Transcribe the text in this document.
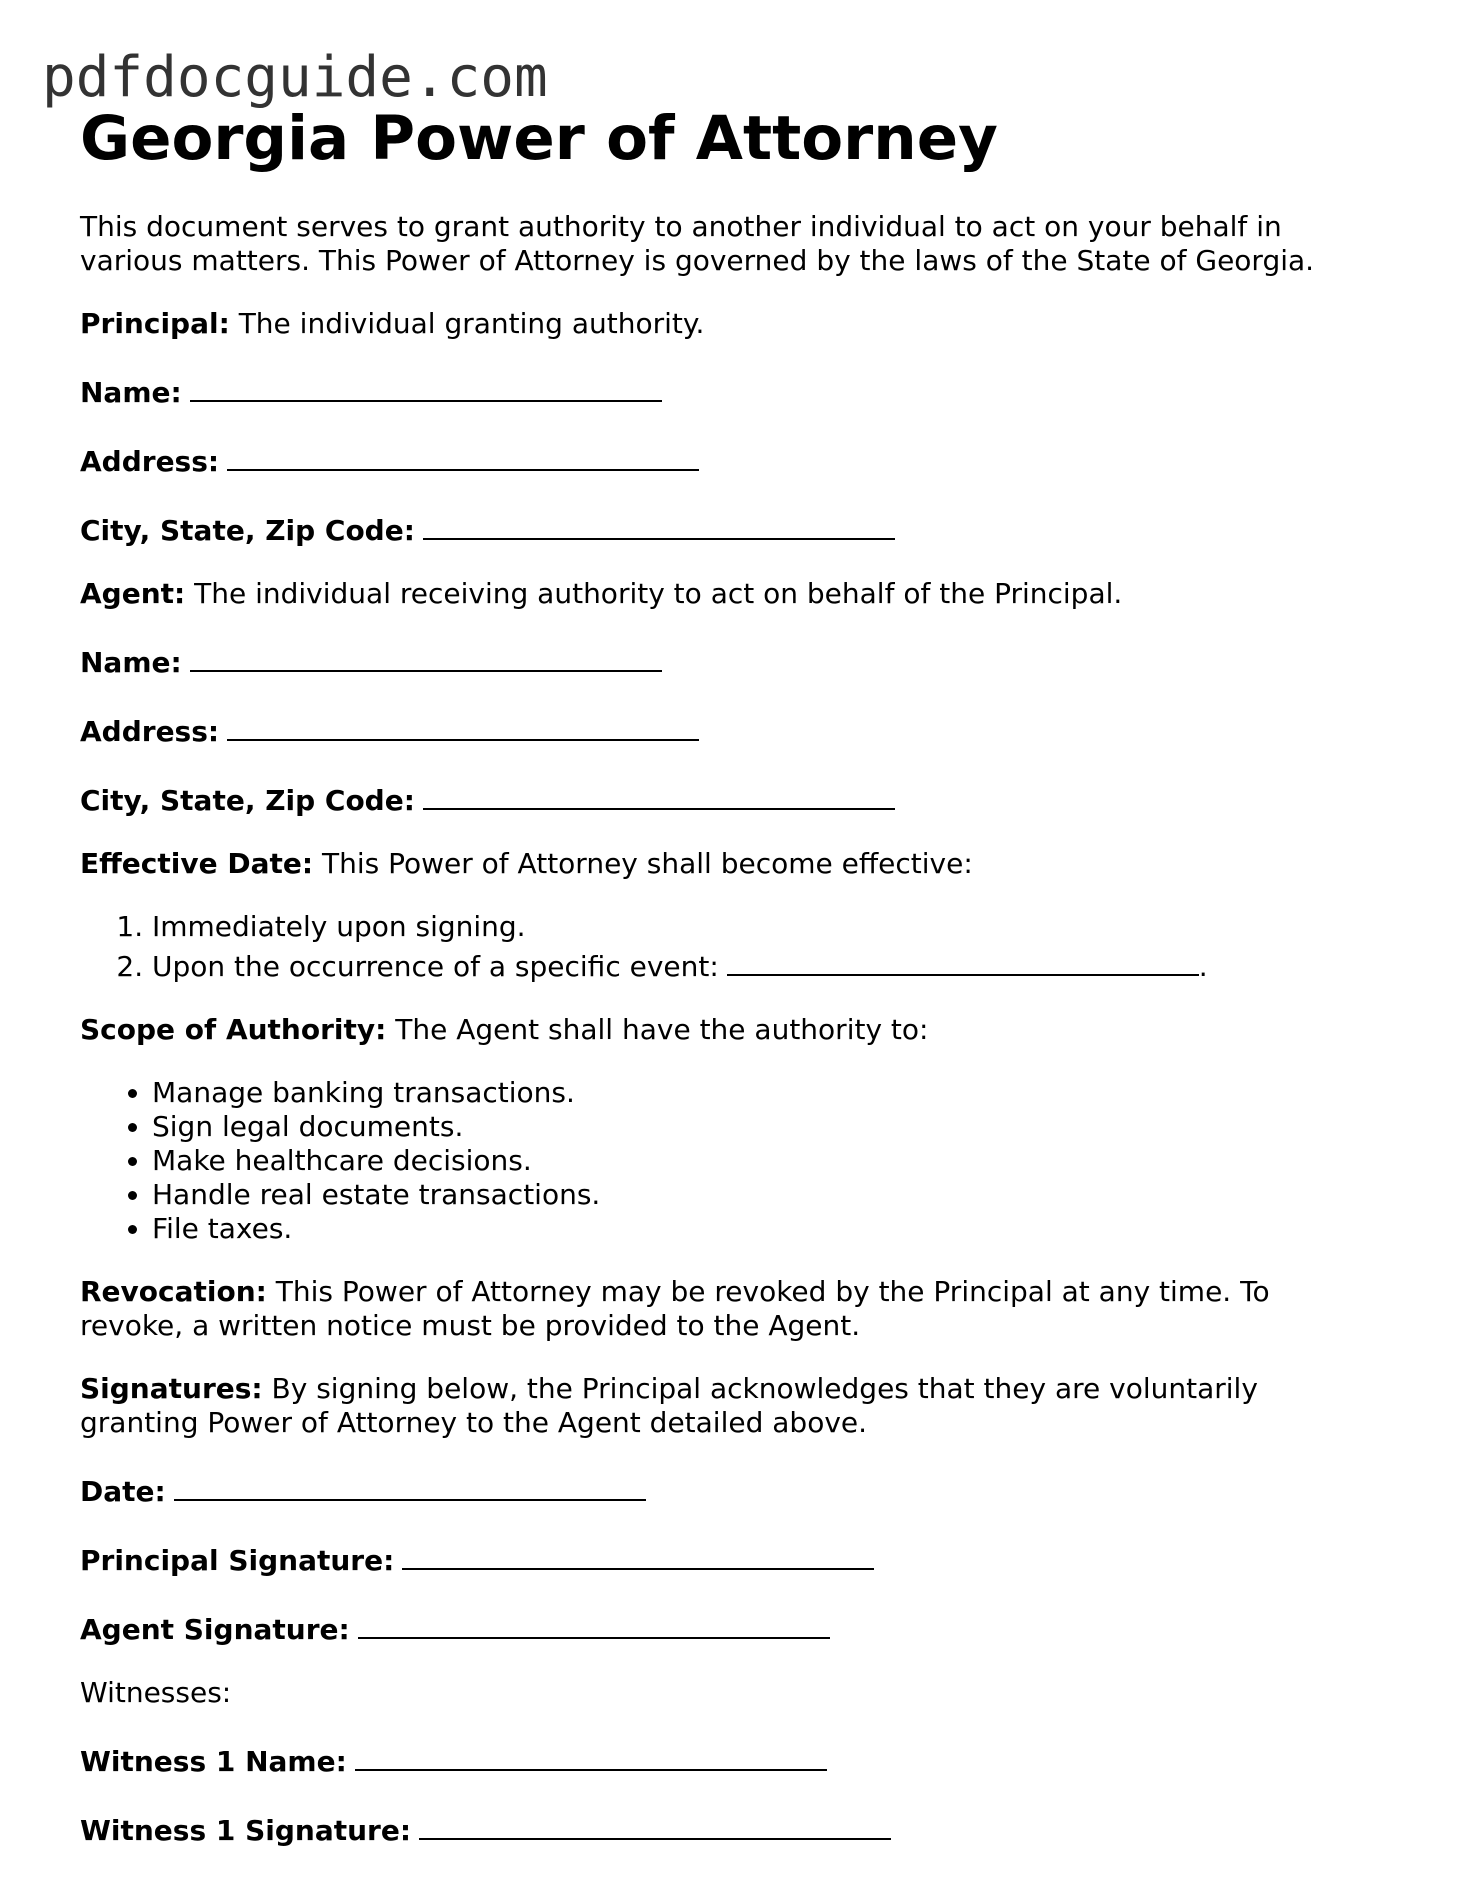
pdfdocguide.com
Georgia Power of Attorney

This document serves to grant authority to another individual to act on your behalf in various matters. This Power of Attorney is governed by the laws of the State of Georgia.

Principal: The individual granting authority.

Name:

Address:

City, State, Zip Code:

Agent: The individual receiving authority to act on behalf of the Principal.

Name:

Address:

City, State, Zip Code:

Effective Date: This Power of Attorney shall become effective:

1. Immediately upon signing.
2. Upon the occurrence of a specific event:	.

Scope of Authority: The Agent shall have the authority to:

• Manage banking transactions.
• Sign legal documents.
• Make healthcare decisions.
• Handle real estate transactions.
• File taxes.

Revocation: This Power of Attorney may be revoked by the Principal at any time. To revoke, a written notice must be provided to the Agent.

Signatures: By signing below, the Principal acknowledges that they are voluntarily granting Power of Attorney to the Agent detailed above.

Date:

Principal Signature:

Agent Signature:

Witnesses:

Witness 1 Name:

Witness 1 Signature:
